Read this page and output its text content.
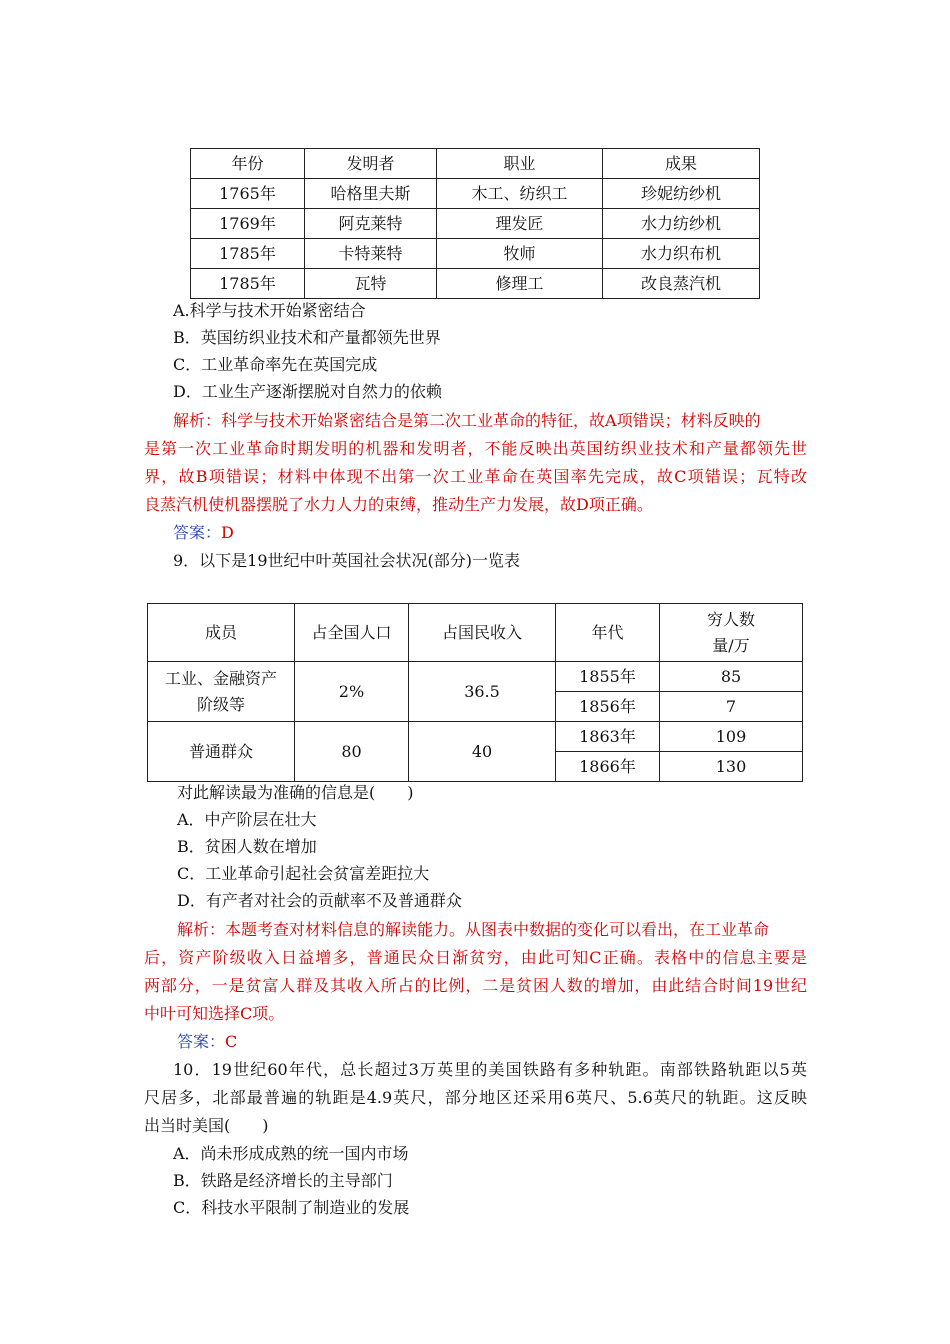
年份	发明者	职业	成果
1765年	哈格里夫斯	木工、纺织工	珍妮纺纱机
1769年	阿克莱特	理发匠	水力纺纱机
1785年	卡特莱特	牧师	水力织布机
1785年	瓦特	修理工	改良蒸汽机
A.科学与技术开始紧密结合
B．英国纺织业技术和产量都领先世界
C．工业革命率先在英国完成
D．工业生产逐渐摆脱对自然力的依赖
解析：科学与技术开始紧密结合是第二次工业革命的特征，故A项错误；材料反映的
是第一次工业革命时期发明的机器和发明者，不能反映出英国纺织业技术和产量都领先世
界，故B项错误；材料中体现不出第一次工业革命在英国率先完成，故C项错误；瓦特改
良蒸汽机使机器摆脱了水力人力的束缚，推动生产力发展，故D项正确。
答案：D
9．以下是19世纪中叶英国社会状况(部分)一览表
成员	占全国人口	占国民收入	年代	穷人数
量/万

工业、金融资产
阶级等	2%	36.5	1855年	85
			1856年	7
普通群众	80	40	1863年	109
			1866年	130
对此解读最为准确的信息是(　　)
A．中产阶层在壮大
B．贫困人数在增加
C．工业革命引起社会贫富差距拉大
D．有产者对社会的贡献率不及普通群众
解析：本题考查对材料信息的解读能力。从图表中数据的变化可以看出，在工业革命
后，资产阶级收入日益增多，普通民众日渐贫穷，由此可知C正确。表格中的信息主要是
两部分，一是贫富人群及其收入所占的比例，二是贫困人数的增加，由此结合时间19世纪
中叶可知选择C项。
答案：C
10．19世纪60年代，总长超过3万英里的美国铁路有多种轨距。南部铁路轨距以5英
尺居多，北部最普遍的轨距是4.9英尺，部分地区还采用6英尺、5.6英尺的轨距。这反映
出当时美国(　　)
A．尚未形成成熟的统一国内市场
B．铁路是经济增长的主导部门
C．科技水平限制了制造业的发展
